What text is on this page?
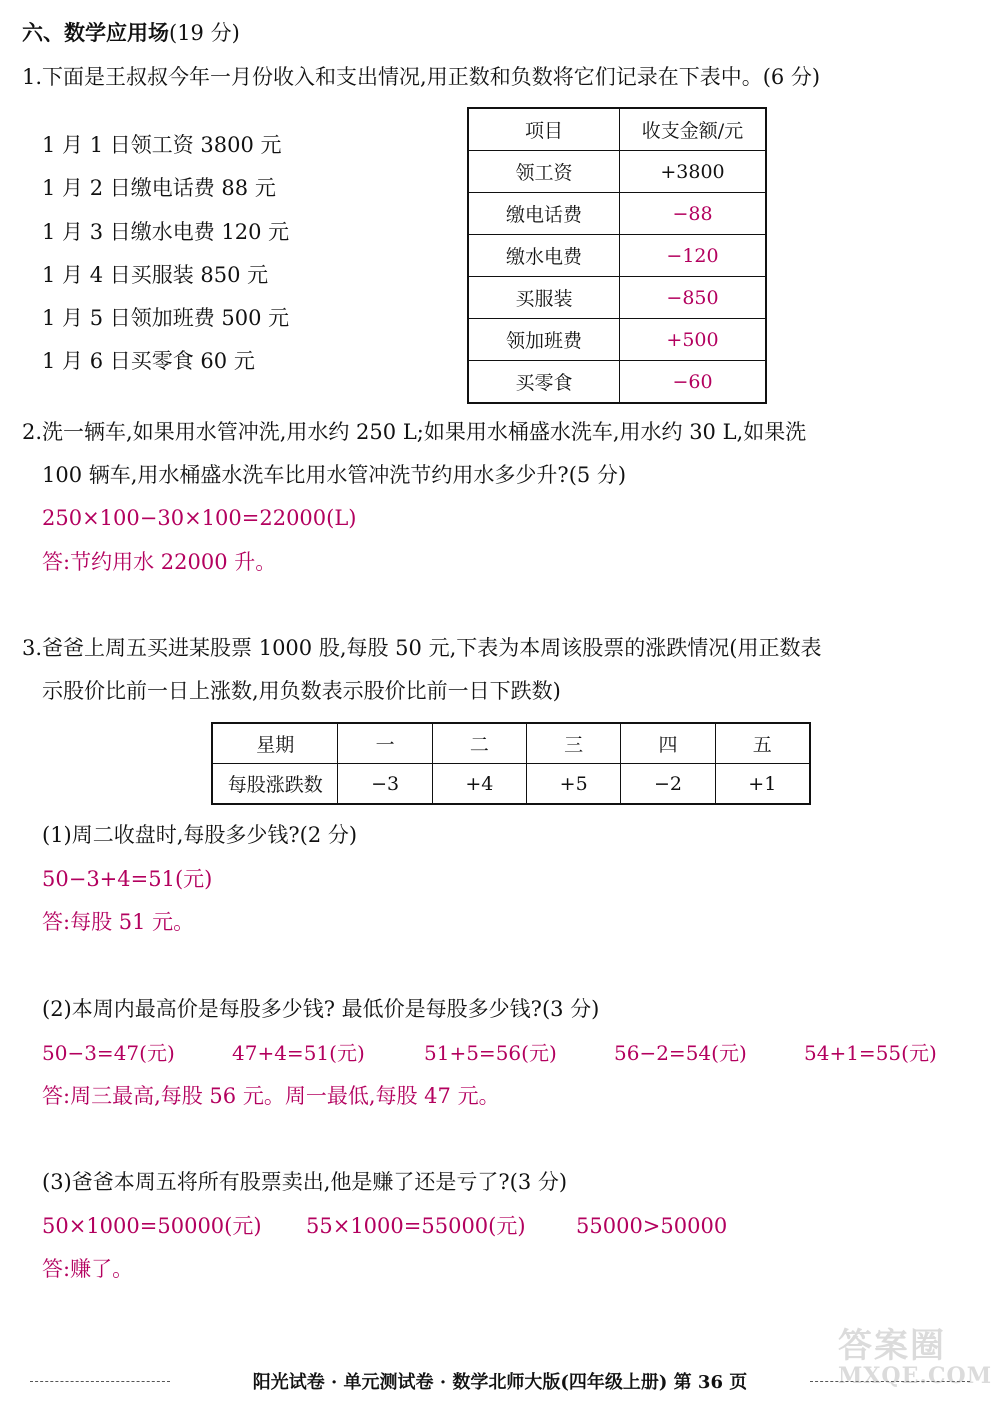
六、数学应用场(19 分)
1.下面是王叔叔今年一月份收入和支出情况,用正数和负数将它们记录在下表中。(6 分)
1 月 1 日领工资 3800 元
1 月 2 日缴电话费 88 元
1 月 3 日缴水电费 120 元
1 月 4 日买服装 850 元
1 月 5 日领加班费 500 元
1 月 6 日买零食 60 元
项目	收支金额/元
领工资	+3800
缴电话费	−88
缴水电费	−120
买服装	−850
领加班费	+500
买零食	−60
2.洗一辆车,如果用水管冲洗,用水约 250 L;如果用水桶盛水洗车,用水约 30 L,如果洗
100 辆车,用水桶盛水洗车比用水管冲洗节约用水多少升?(5 分)
250×100−30×100=22000(L)
答:节约用水 22000 升。
3.爸爸上周五买进某股票 1000 股,每股 50 元,下表为本周该股票的涨跌情况(用正数表
示股价比前一日上涨数,用负数表示股价比前一日下跌数)
星期	一	二	三	四	五
每股涨跌数	−3	+4	+5	−2	+1
(1)周二收盘时,每股多少钱?(2 分)
50−3+4=51(元)
答:每股 51 元。
(2)本周内最高价是每股多少钱? 最低价是每股多少钱?(3 分)
50−3=47(元)	47+4=51(元)	51+5=56(元)	56−2=54(元)	54+1=55(元)
答:周三最高,每股 56 元。周一最低,每股 47 元。
(3)爸爸本周五将所有股票卖出,他是赚了还是亏了?(3 分)
50×1000=50000(元) 55×1000=55000(元) 55000>50000
答:赚了。
阳光试卷 · 单元测试卷 · 数学北师大版(四年级上册) 第 36 页
答案圈
MXQE.COM
